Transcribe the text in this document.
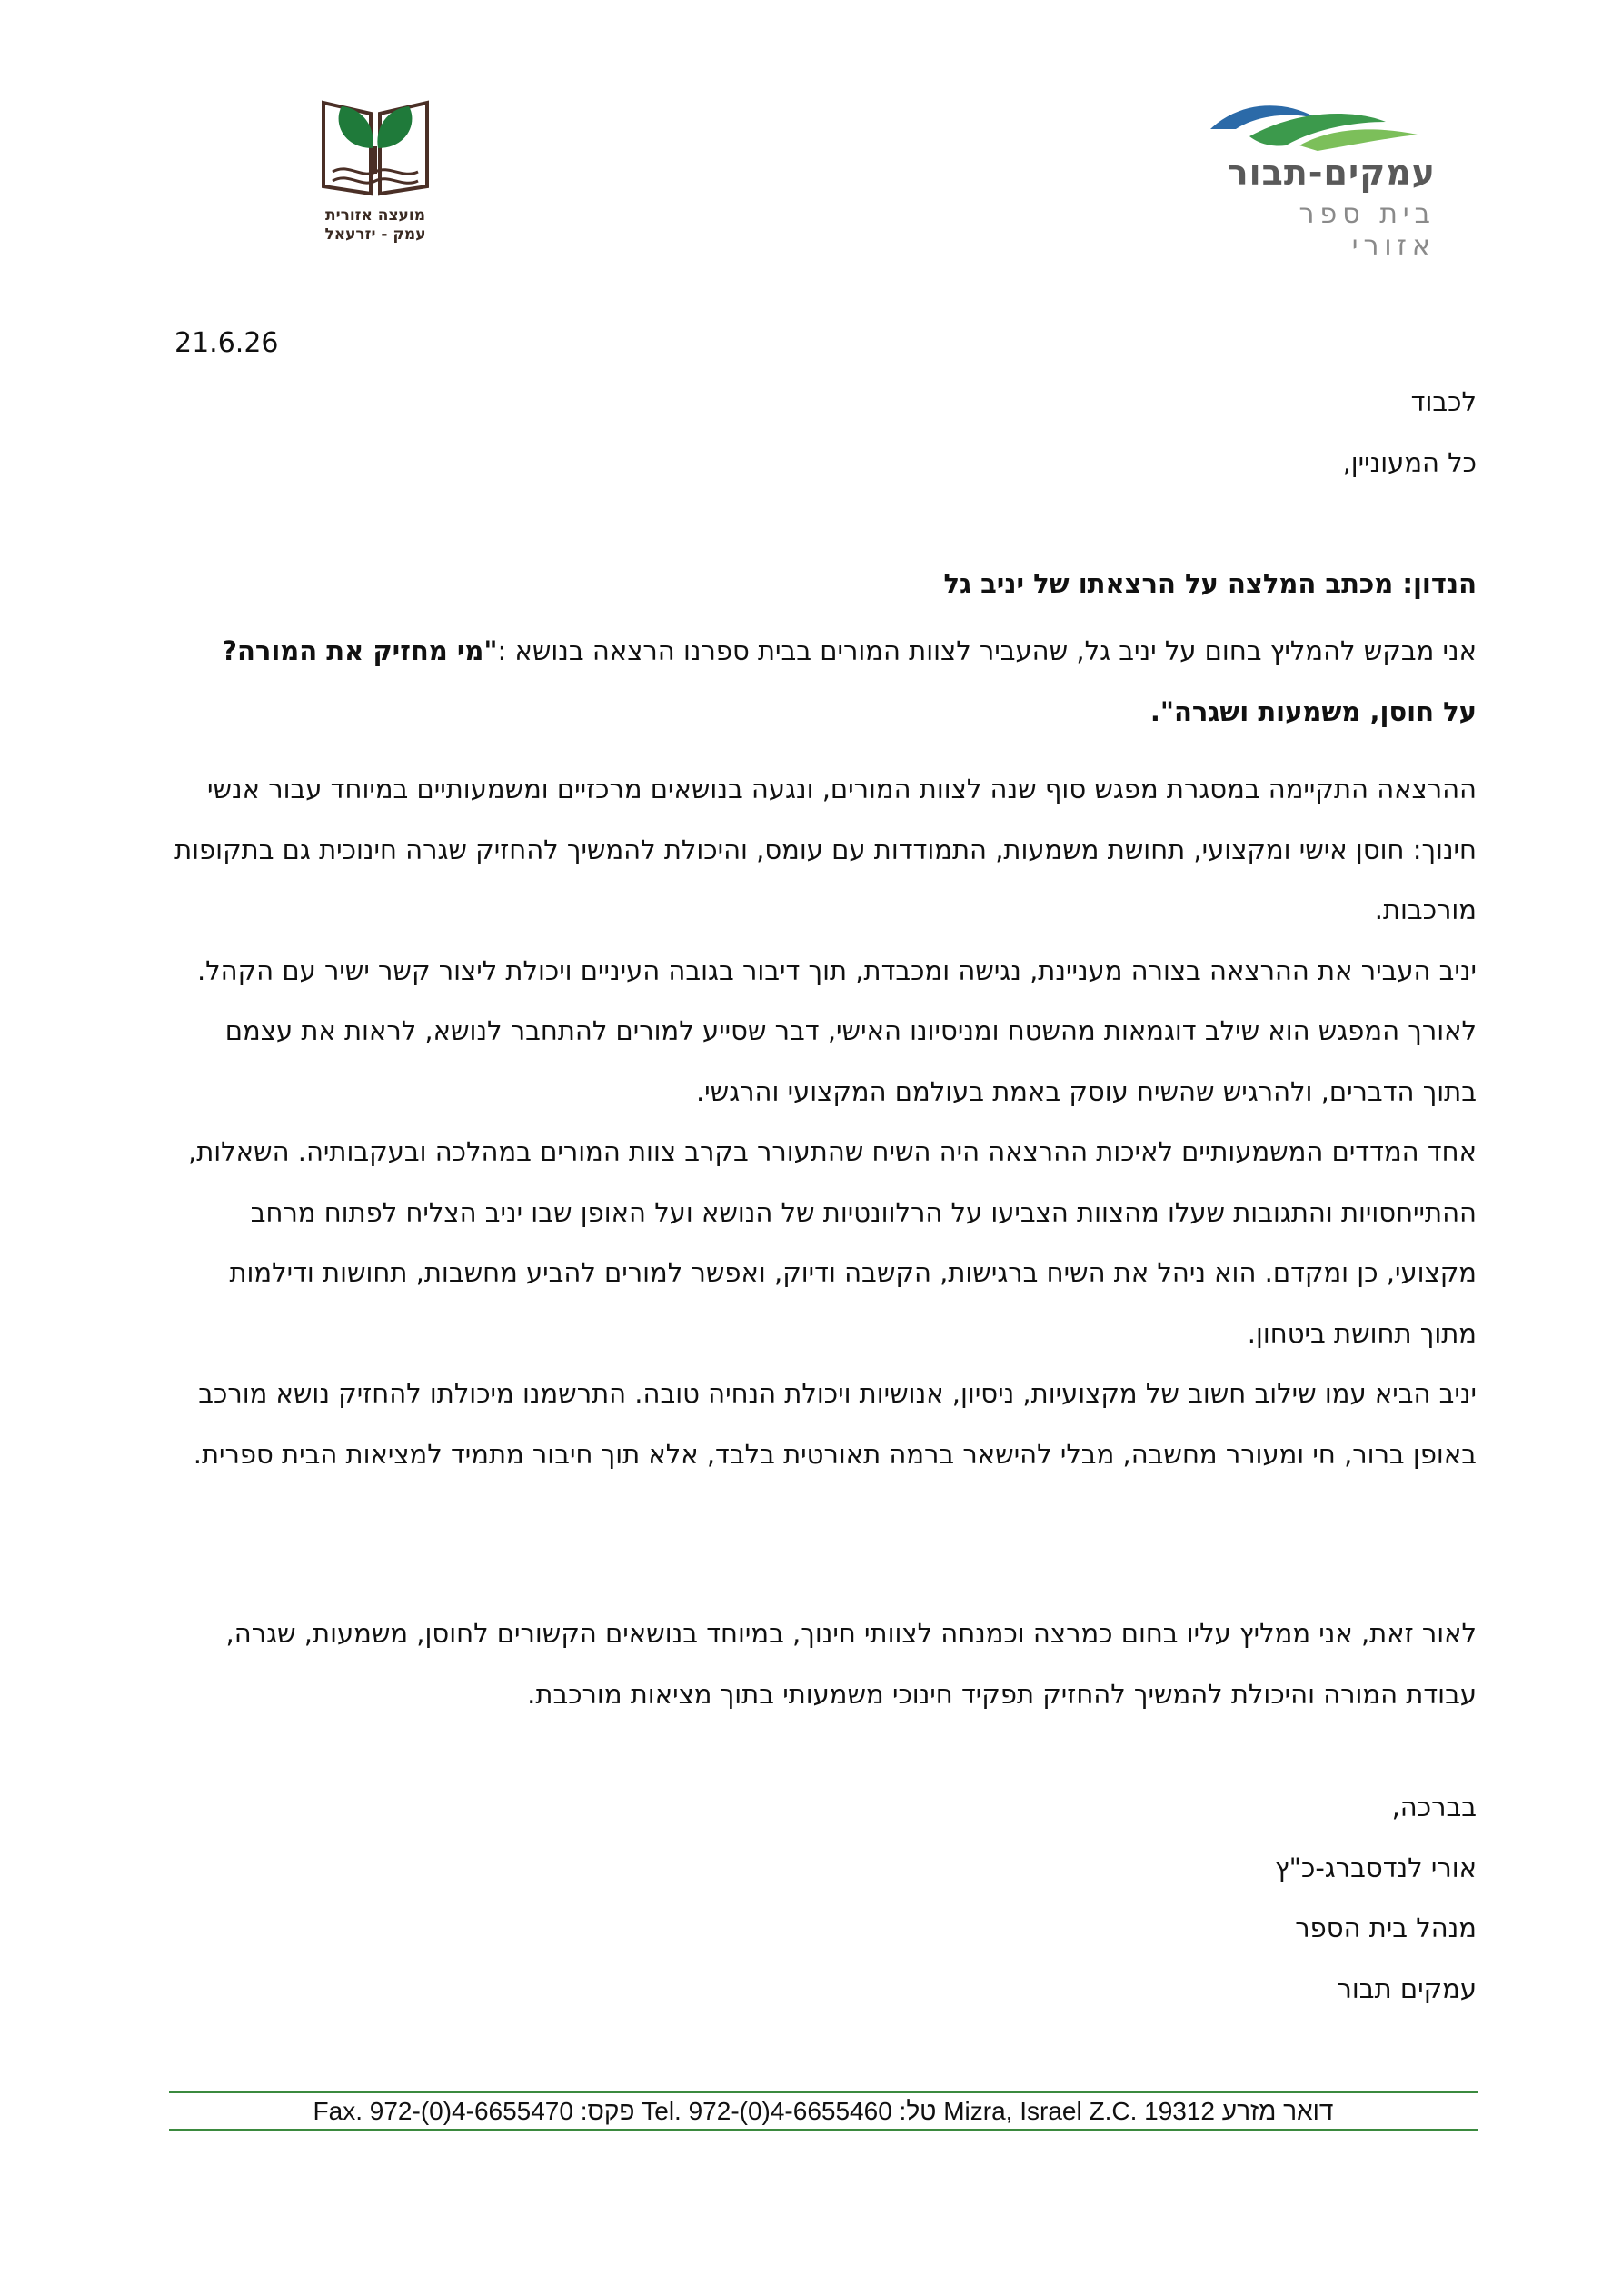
מועצה אזורית
עמק - יזרעאל
עמקים-תבור
בית ספר אזורי
21.6.26
לכבוד
כל המעוניין,
הנדון: מכתב המלצה על הרצאתו של יניב גל

אני מבקש להמליץ בחום על יניב גל, שהעביר לצוות המורים בבית ספרנו הרצאה בנושא :"מי מחזיק את המורה?

על חוסן, משמעות ושגרה".

ההרצאה התקיימה במסגרת מפגש סוף שנה לצוות המורים, ונגעה בנושאים מרכזיים ומשמעותיים במיוחד עבור אנשי חינוך: חוסן אישי ומקצועי, תחושת משמעות, התמודדות עם עומס, והיכולת להמשיך להחזיק שגרה חינוכית גם בתקופות מורכבות.

יניב העביר את ההרצאה בצורה מעניינת, נגישה ומכבדת, תוך דיבור בגובה העיניים ויכולת ליצור קשר ישיר עם הקהל. לאורך המפגש הוא שילב דוגמאות מהשטח ומניסיונו האישי, דבר שסייע למורים להתחבר לנושא, לראות את עצמם בתוך הדברים, ולהרגיש שהשיח עוסק באמת בעולמם המקצועי והרגשי.

אחד המדדים המשמעותיים לאיכות ההרצאה היה השיח שהתעורר בקרב צוות המורים במהלכה ובעקבותיה. השאלות, ההתייחסויות והתגובות שעלו מהצוות הצביעו על הרלוונטיות של הנושא ועל האופן שבו יניב הצליח לפתוח מרחב מקצועי, כן ומקדם. הוא ניהל את השיח ברגישות, הקשבה ודיוק, ואפשר למורים להביע מחשבות, תחושות ודילמות מתוך תחושת ביטחון.

יניב הביא עמו שילוב חשוב של מקצועיות, ניסיון, אנושיות ויכולת הנחיה טובה. התרשמנו מיכולתו להחזיק נושא מורכב באופן ברור, חי ומעורר מחשבה, מבלי להישאר ברמה תאורטית בלבד, אלא תוך חיבור מתמיד למציאות הבית ספרית.

לאור זאת, אני ממליץ עליו בחום כמרצה וכמנחה לצוותי חינוך, במיוחד בנושאים הקשורים לחוסן, משמעות, שגרה, עבודת המורה והיכולת להמשיך להחזיק תפקיד חינוכי משמעותי בתוך מציאות מורכבת.
בברכה,
אורי לנדסברג-כ"ץ
מנהל בית הספר
עמקים תבור
Fax. 972-(0)4-6655470 :פקס Tel. 972-(0)4-6655460 :טל Mizra, Israel Z.C. 19312 דואר מזרע
